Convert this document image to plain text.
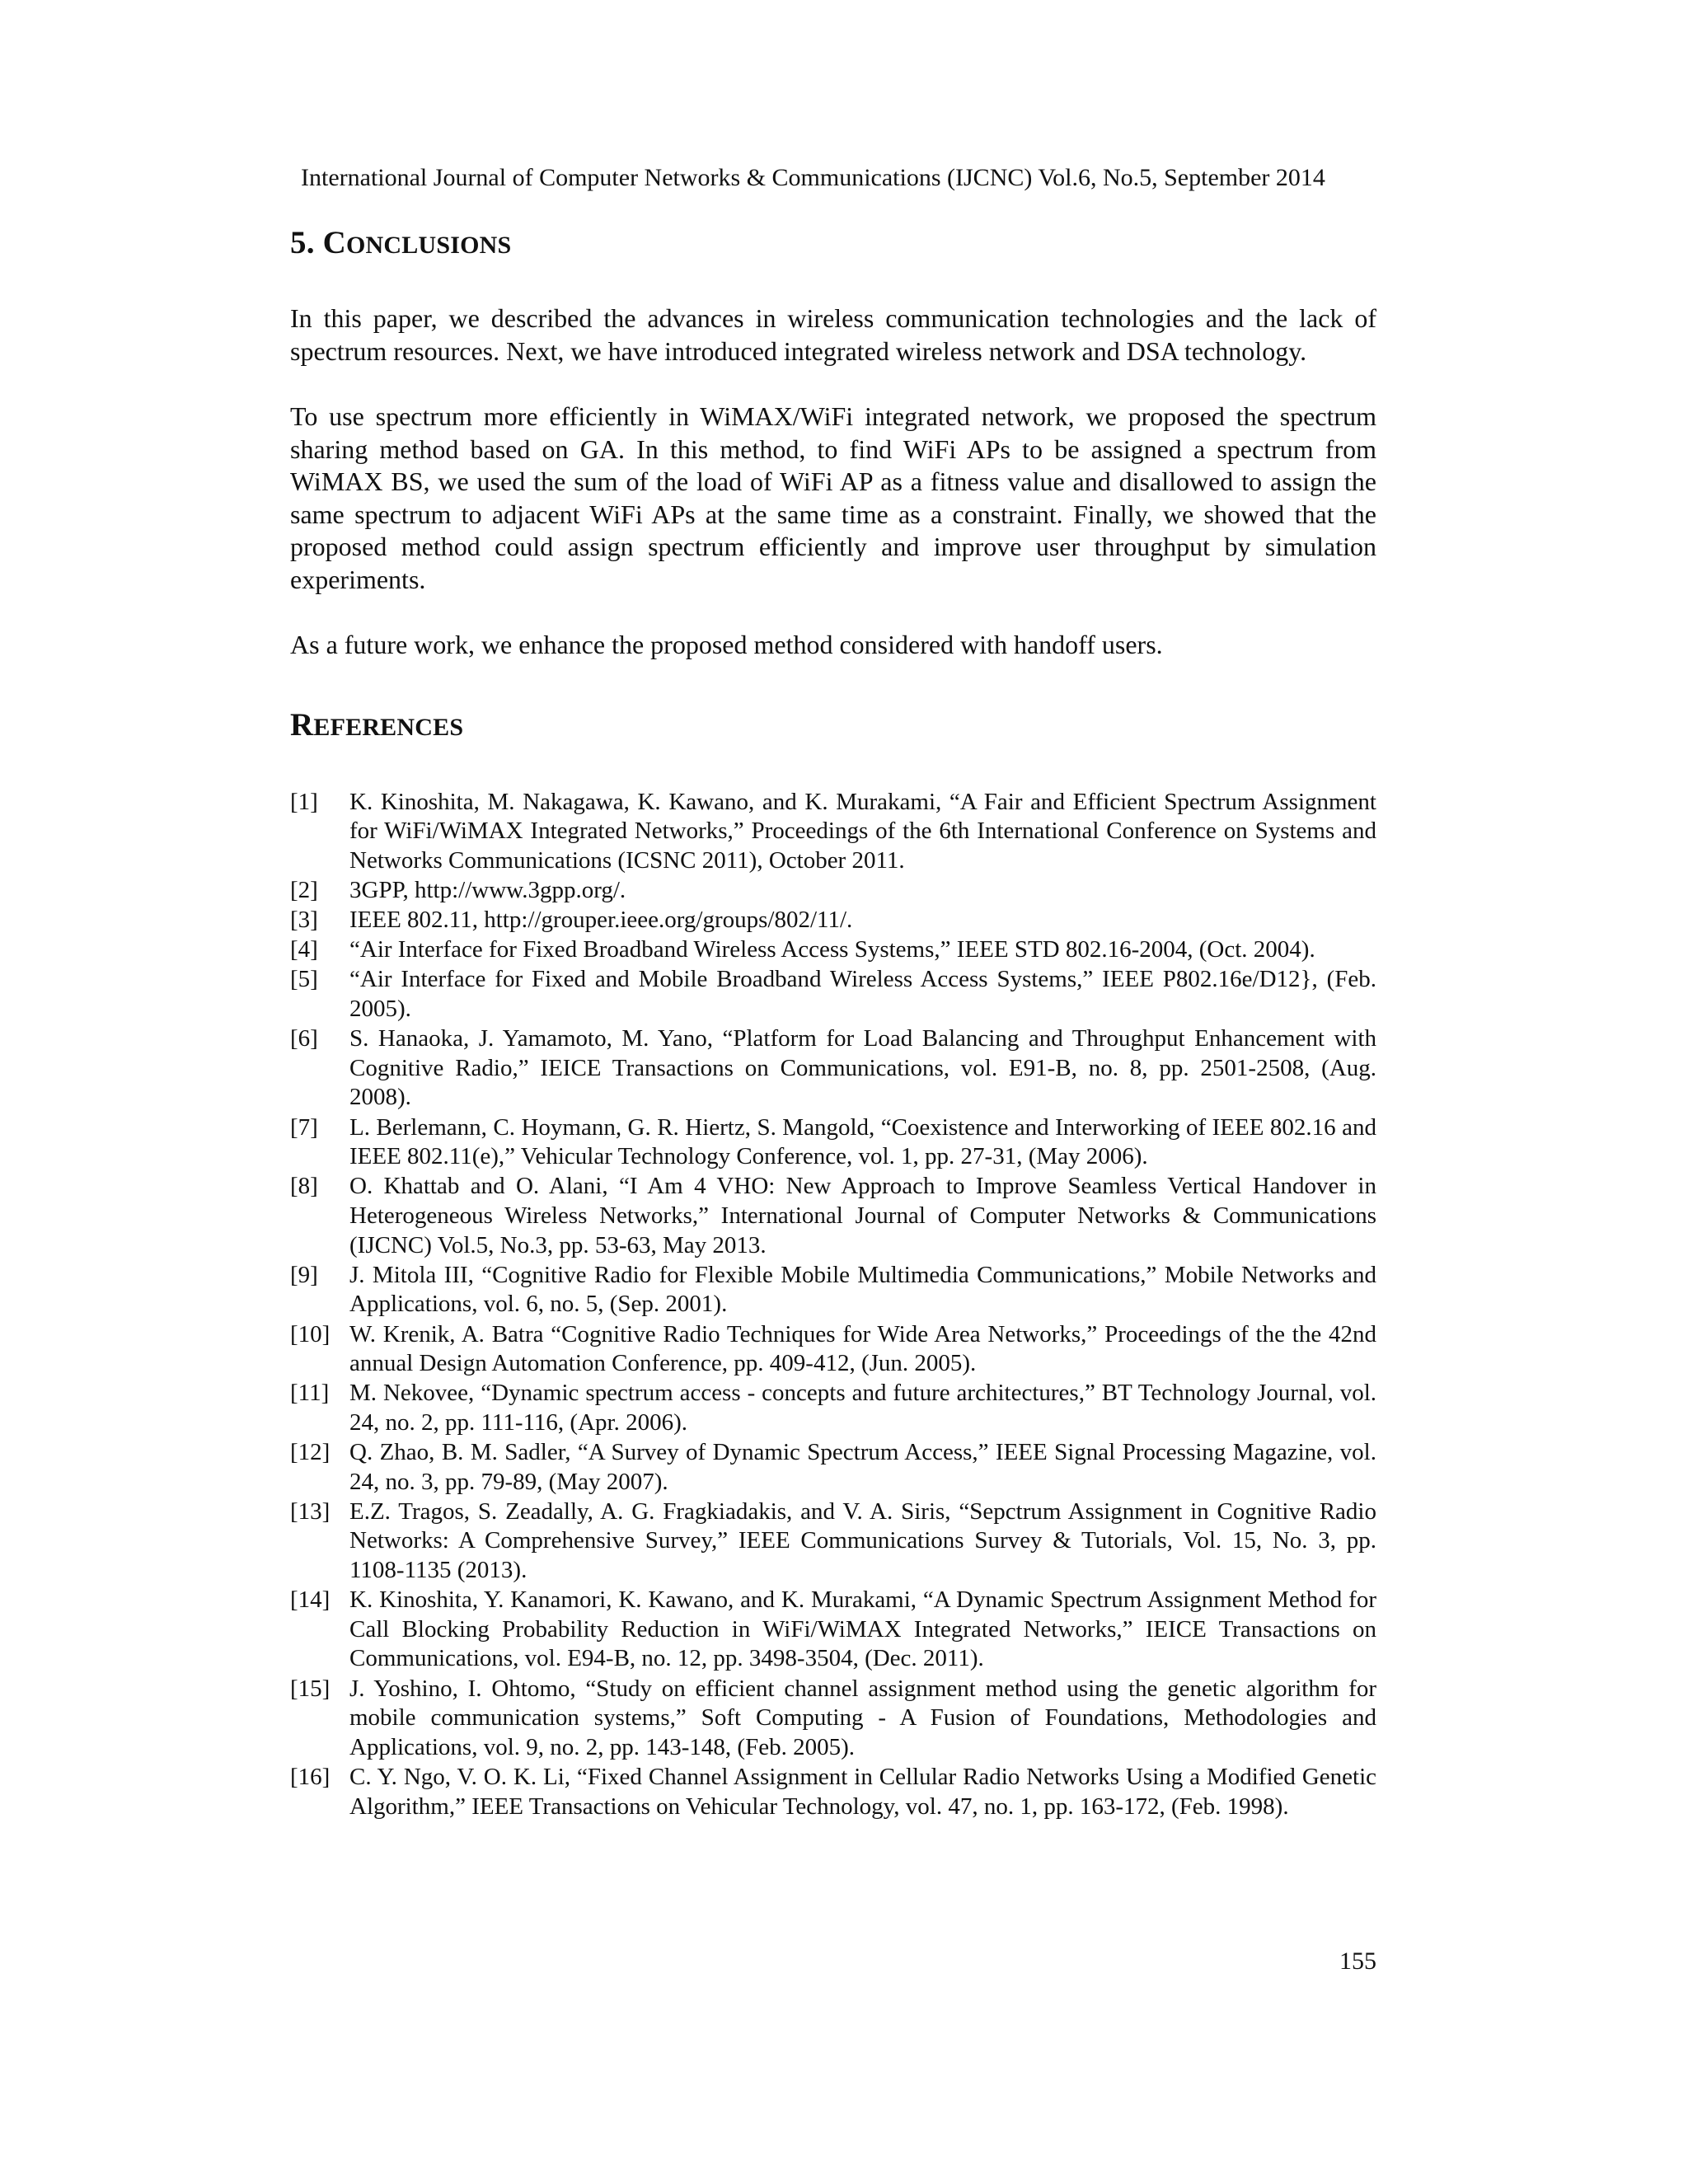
International Journal of Computer Networks & Communications (IJCNC) Vol.6, No.5, September 2014
5. CONCLUSIONS

In this paper, we described the advances in wireless communication technologies and the lack of spectrum resources. Next, we have introduced integrated wireless network and DSA technology.

To use spectrum more efficiently in WiMAX/WiFi integrated network, we proposed the spectrum sharing method based on GA. In this method, to find WiFi APs to be assigned a spectrum from WiMAX BS, we used the sum of the load of WiFi AP as a fitness value and disallowed to assign the same spectrum to adjacent WiFi APs at the same time as a constraint. Finally, we showed that the proposed method could assign spectrum efficiently and improve user throughput by simulation experiments.

As a future work, we enhance the proposed method considered with handoff users.

REFERENCES
[1]	K. Kinoshita, M. Nakagawa, K. Kawano, and K. Murakami, “A Fair and Efficient Spectrum Assignment for WiFi/WiMAX Integrated Networks,” Proceedings of the 6th International Conference on Systems and Networks Communications (ICSNC 2011), October 2011.
[2]	3GPP, http://www.3gpp.org/.
[3]	IEEE 802.11, http://grouper.ieee.org/groups/802/11/.
[4]	“Air Interface for Fixed Broadband Wireless Access Systems,” IEEE STD 802.16-2004, (Oct. 2004).
[5]	“Air Interface for Fixed and Mobile Broadband Wireless Access Systems,” IEEE P802.16e/D12}, (Feb. 2005).
[6]	S. Hanaoka, J. Yamamoto, M. Yano, “Platform for Load Balancing and Throughput Enhancement with Cognitive Radio,” IEICE Transactions on Communications, vol. E91-B, no. 8, pp. 2501-2508, (Aug. 2008).
[7]	L. Berlemann, C. Hoymann, G. R. Hiertz, S. Mangold, “Coexistence and Interworking of IEEE 802.16 and IEEE 802.11(e),” Vehicular Technology Conference, vol. 1, pp. 27-31, (May 2006).
[8]	O. Khattab and O. Alani, “I Am 4 VHO: New Approach to Improve Seamless Vertical Handover in Heterogeneous Wireless Networks,” International Journal of Computer Networks & Communications (IJCNC) Vol.5, No.3, pp. 53-63, May 2013.
[9]	J. Mitola III, “Cognitive Radio for Flexible Mobile Multimedia Communications,” Mobile Networks and Applications, vol. 6, no. 5, (Sep. 2001).
[10] W. Krenik, A. Batra “Cognitive Radio Techniques for Wide Area Networks,” Proceedings of the the 42nd annual Design Automation Conference, pp. 409-412, (Jun. 2005).
[11] M. Nekovee, “Dynamic spectrum access - concepts and future architectures,” BT Technology Journal, vol. 24, no. 2, pp. 111-116, (Apr. 2006).
[12] Q. Zhao, B. M. Sadler, “A Survey of Dynamic Spectrum Access,” IEEE Signal Processing Magazine, vol. 24, no. 3, pp. 79-89, (May 2007).
[13] E.Z. Tragos, S. Zeadally, A. G. Fragkiadakis, and V. A. Siris, “Sepctrum Assignment in Cognitive Radio Networks: A Comprehensive Survey,” IEEE Communications Survey & Tutorials, Vol. 15, No. 3, pp. 1108-1135 (2013).
[14] K. Kinoshita, Y. Kanamori, K. Kawano, and K. Murakami, “A Dynamic Spectrum Assignment Method for Call Blocking Probability Reduction in WiFi/WiMAX Integrated Networks,” IEICE Transactions on Communications, vol. E94-B, no. 12, pp. 3498-3504, (Dec. 2011).
[15] J. Yoshino, I. Ohtomo, “Study on efficient channel assignment method using the genetic algorithm for mobile communication systems,” Soft Computing - A Fusion of Foundations, Methodologies and Applications, vol. 9, no. 2, pp. 143-148, (Feb. 2005).
[16] C. Y. Ngo, V. O. K. Li, “Fixed Channel Assignment in Cellular Radio Networks Using a Modified Genetic Algorithm,” IEEE Transactions on Vehicular Technology, vol. 47, no. 1, pp. 163-172, (Feb. 1998).
155
